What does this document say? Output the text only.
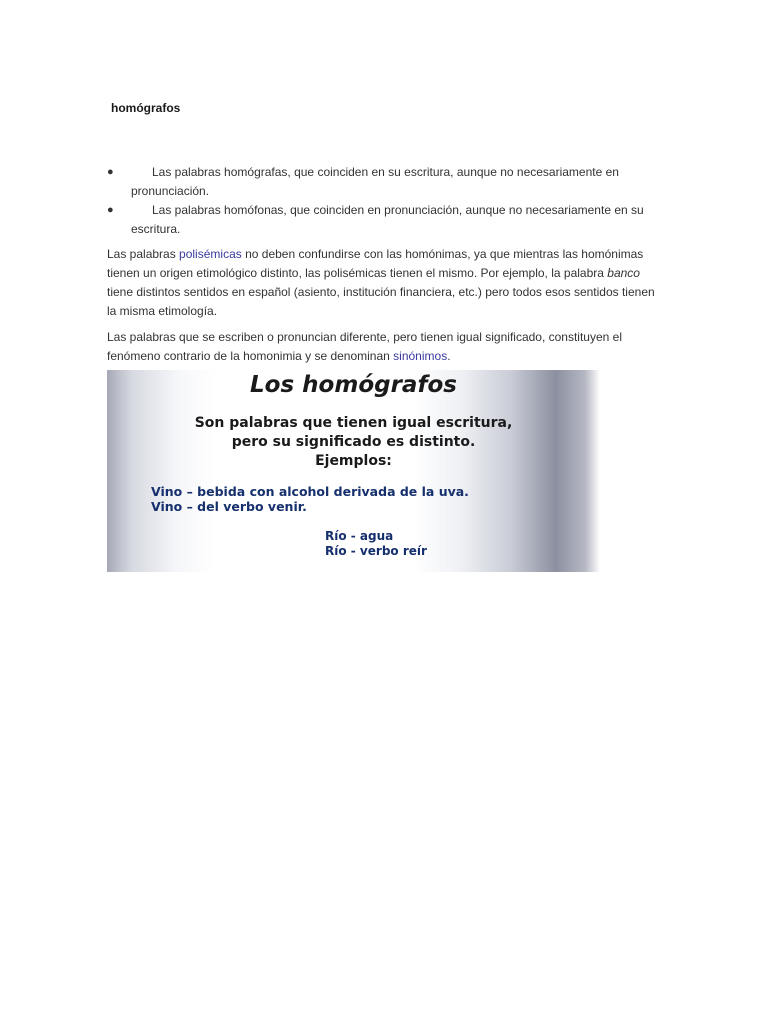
homógrafos
●	Las palabras homógrafas, que coinciden en su escritura, aunque no necesariamente en pronunciación.
●	Las palabras homófonas, que coinciden en pronunciación, aunque no necesariamente en su escritura.

Las palabras polisémicas no deben confundirse con las homónimas, ya que mientras las homónimas tienen un origen etimológico distinto, las polisémicas tienen el mismo. Por ejemplo, la palabra banco tiene distintos sentidos en español (asiento, institución financiera, etc.) pero todos esos sentidos tienen la misma etimología.

Las palabras que se escriben o pronuncian diferente, pero tienen igual significado, constituyen el fenómeno contrario de la homonimia y se denominan sinónimos.

Los homógrafos
Son palabras que tienen igual escritura,
pero su significado es distinto.
Ejemplos:
Vino – bebida con alcohol derivada de la uva.
Vino – del verbo venir.
Río - agua
Río - verbo reír
